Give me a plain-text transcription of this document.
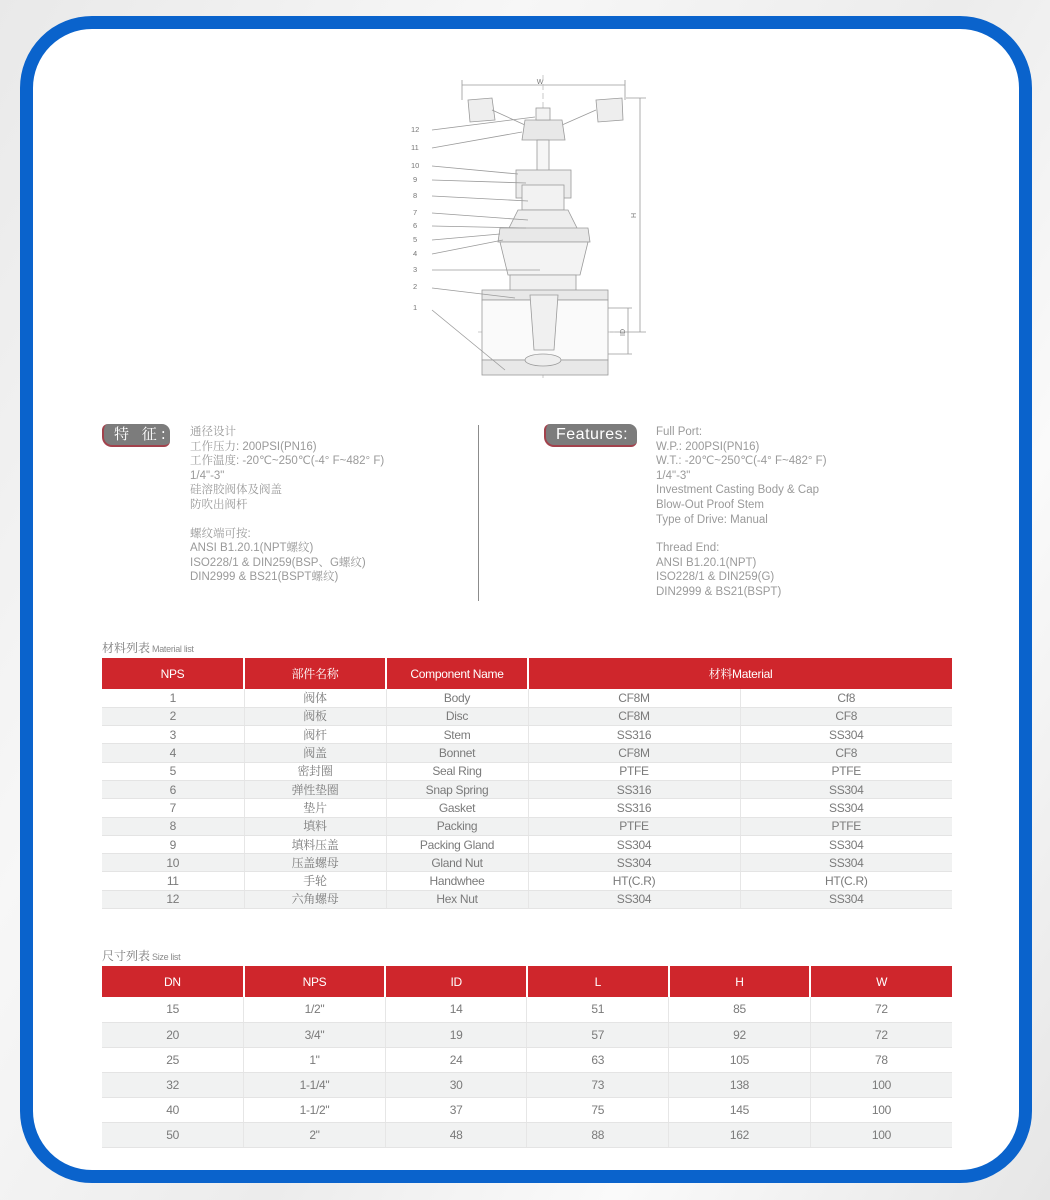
W
H
ID
12
11
10
9
8
7
6
5
4
3
2
1
特 征: 通径设计
工作压力: 200PSI(PN16)
工作温度: -20℃~250℃(-4° F~482° F)
1/4"-3"
硅溶胶阀体及阀盖
防吹出阀杆
螺纹端可按:
ANSI B1.20.1(NPT螺纹)
ISO228/1 & DIN259(BSP、G螺纹)
DIN2999 & BS21(BSPT螺纹)
Features:	Full Port:
W.P.: 200PSI(PN16)
W.T.: -20℃~250℃(-4° F~482° F)
1/4"-3"
Investment Casting Body & Cap
Blow-Out Proof Stem
Type of Drive: Manual
Thread End:
ANSI B1.20.1(NPT)
ISO228/1 & DIN259(G)
DIN2999 & BS21(BSPT)
材料列表 Material list
NPS	部件名称	Component Name	材料Material	
1	阀体	Body	CF8M	Cf8
2	阀板	Disc	CF8M	CF8
3	阀杆	Stem	SS316	SS304
4	阀盖	Bonnet	CF8M	CF8
5	密封圈	Seal Ring	PTFE	PTFE
6	弹性垫圈	Snap Spring	SS316	SS304
7	垫片	Gasket	SS316	SS304
8	填料	Packing	PTFE	PTFE
9	填料压盖	Packing Gland	SS304	SS304
10	压盖螺母	Gland Nut	SS304	SS304
11	手轮	Handwhee	HT(C.R)	HT(C.R)
12	六角螺母	Hex Nut	SS304	SS304
尺寸列表 Size list
DN	NPS	ID	L	H	W
15	1/2"	14	51	85	72
20	3/4"	19	57	92	72
25	1"	24	63	105	78
32	1-1/4"	30	73	138	100
40	1-1/2"	37	75	145	100
50	2"	48	88	162	100
